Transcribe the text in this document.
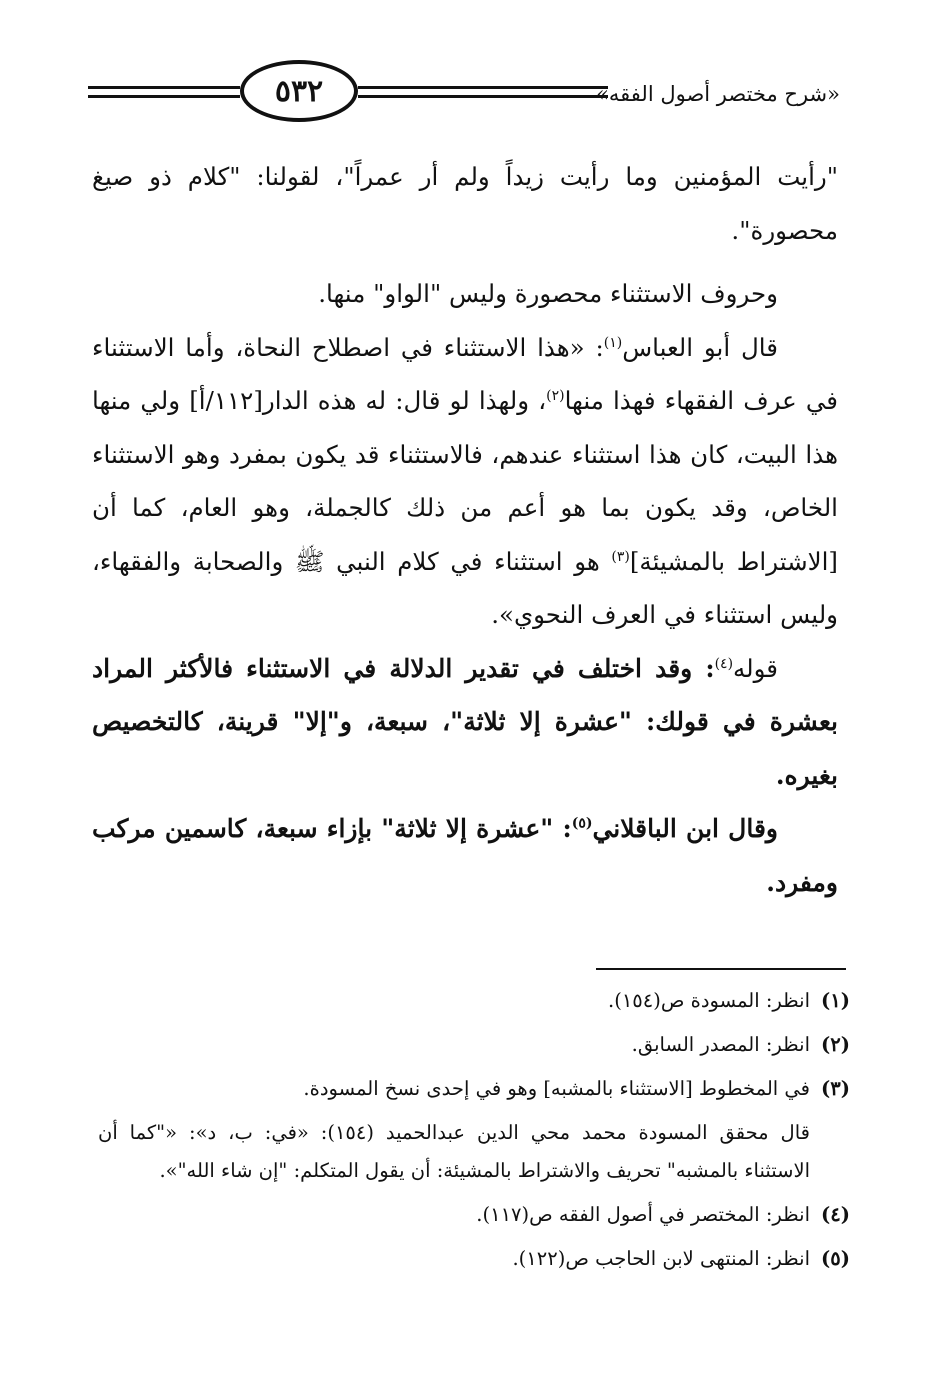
٥٣٢	«شرح مختصر أصول الفقه»

"رأيت المؤمنين وما رأيت زيداً ولم أر عمراً"، لقولنا: "كلام ذو صيغ محصورة".

وحروف الاستثناء محصورة وليس "الواو" منها.

قال أبو العباس$^{(١)}$: «هذا الاستثناء في اصطلاح النحاة، وأما الاستثناء في عرف الفقهاء فهذا منها$^{(٢)}$، ولهذا لو قال: له هذه الدار[١١٢/أ] ولي منها هذا البيت، كان هذا استثناء عندهم، فالاستثناء قد يكون بمفرد وهو الاستثناء الخاص، وقد يكون بما هو أعم من ذلك كالجملة، وهو العام، كما أن [الاشتراط بالمشيئة]$^{(٣)}$ هو استثناء في كلام النبي ﷺ والصحابة والفقهاء، وليس استثناء في العرف النحوي».

قوله$^{(٤)}$: وقد اختلف في تقدير الدلالة في الاستثناء فالأكثر المراد بعشرة في قولك: "عشرة إلا ثلاثة"، سبعة، و"إلا" قرينة، كالتخصيص بغيره.

وقال ابن الباقلاني$^{(٥)}$: "عشرة إلا ثلاثة" بإزاء سبعة، كاسمين مركب ومفرد.

(١)
انظر: المسودة ص(١٥٤).
(٢)
انظر: المصدر السابق.
(٣)
في المخطوط [الاستثناء بالمشبه] وهو في إحدى نسخ المسودة.
قال محقق المسودة محمد محي الدين عبدالحميد (١٥٤): «في: ب، د»: «"كما أن الاستثناء بالمشبه" تحريف والاشتراط بالمشيئة: أن يقول المتكلم: "إن شاء الله"».
(٤)
انظر: المختصر في أصول الفقه ص(١١٧).
(٥)
انظر: المنتهى لابن الحاجب ص(١٢٢).
